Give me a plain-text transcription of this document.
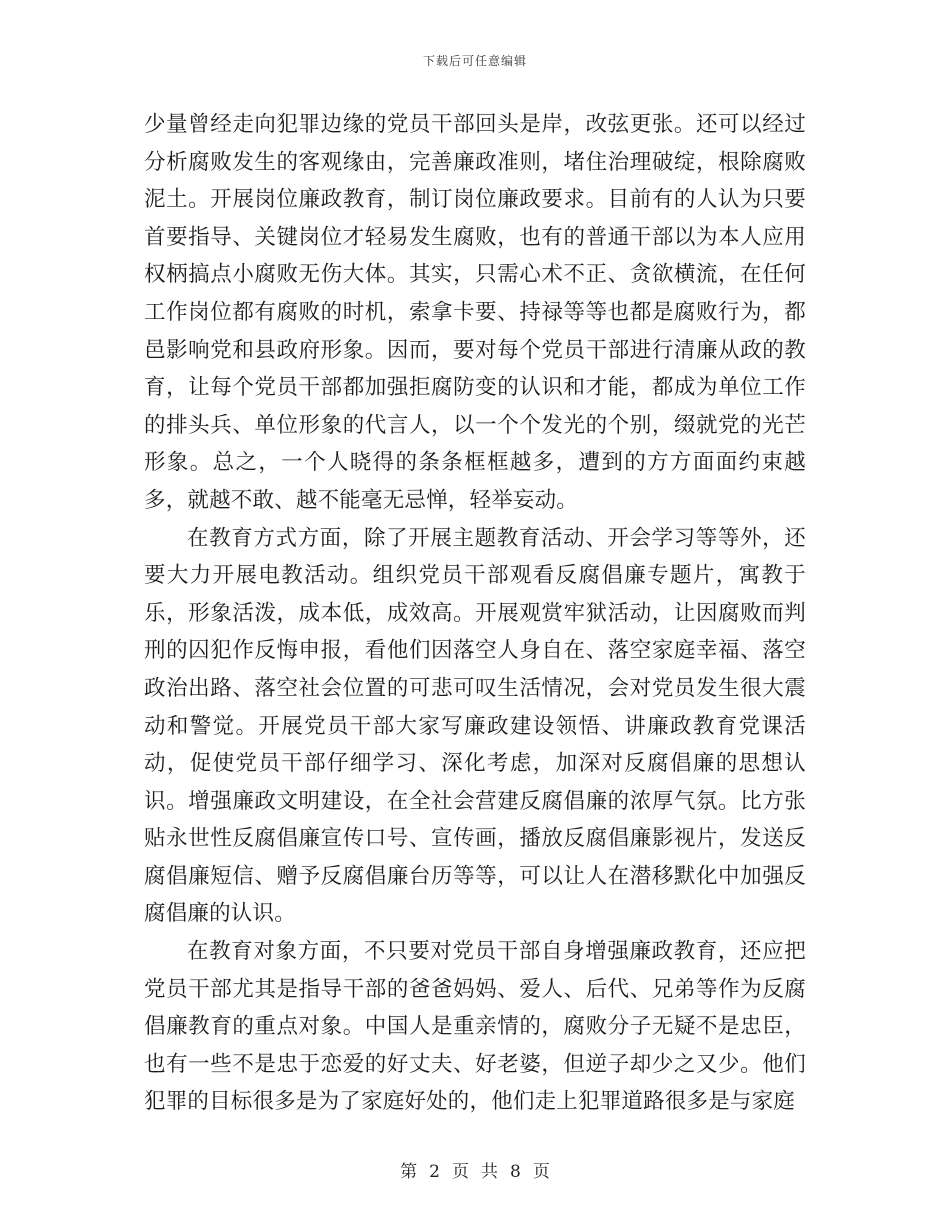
下载后可任意编辑

少量曾经走向犯罪边缘的党员干部回头是岸，改弦更张。还可以经过分析腐败发生的客观缘由，完善廉政准则，堵住治理破绽，根除腐败泥土。开展岗位廉政教育，制订岗位廉政要求。目前有的人认为只要首要指导、关键岗位才轻易发生腐败，也有的普通干部以为本人应用权柄搞点小腐败无伤大体。其实，只需心术不正、贪欲横流，在任何工作岗位都有腐败的时机，索拿卡要、持禄等等也都是腐败行为，都邑影响党和县政府形象。因而，要对每个党员干部进行清廉从政的教育，让每个党员干部都加强拒腐防变的认识和才能，都成为单位工作的排头兵、单位形象的代言人，以一个个发光的个别，缀就党的光芒形象。总之，一个人晓得的条条框框越多，遭到的方方面面约束越多，就越不敢、越不能毫无忌惮，轻举妄动。

在教育方式方面，除了开展主题教育活动、开会学习等等外，还要大力开展电教活动。组织党员干部观看反腐倡廉专题片，寓教于乐，形象活泼，成本低，成效高。开展观赏牢狱活动，让因腐败而判刑的囚犯作反悔申报，看他们因落空人身自在、落空家庭幸福、落空政治出路、落空社会位置的可悲可叹生活情况，会对党员发生很大震动和警觉。开展党员干部大家写廉政建设领悟、讲廉政教育党课活动，促使党员干部仔细学习、深化考虑，加深对反腐倡廉的思想认识。增强廉政文明建设，在全社会营建反腐倡廉的浓厚气氛。比方张贴永世性反腐倡廉宣传口号、宣传画，播放反腐倡廉影视片，发送反腐倡廉短信、赠予反腐倡廉台历等等，可以让人在潜移默化中加强反腐倡廉的认识。

在教育对象方面，不只要对党员干部自身增强廉政教育，还应把党员干部尤其是指导干部的爸爸妈妈、爱人、后代、兄弟等作为反腐倡廉教育的重点对象。中国人是重亲情的，腐败分子无疑不是忠臣，也有一些不是忠于恋爱的好丈夫、好老婆，但逆子却少之又少。他们犯罪的目标很多是为了家庭好处的，他们走上犯罪道路很多是与家庭

第 2 页 共 8 页
